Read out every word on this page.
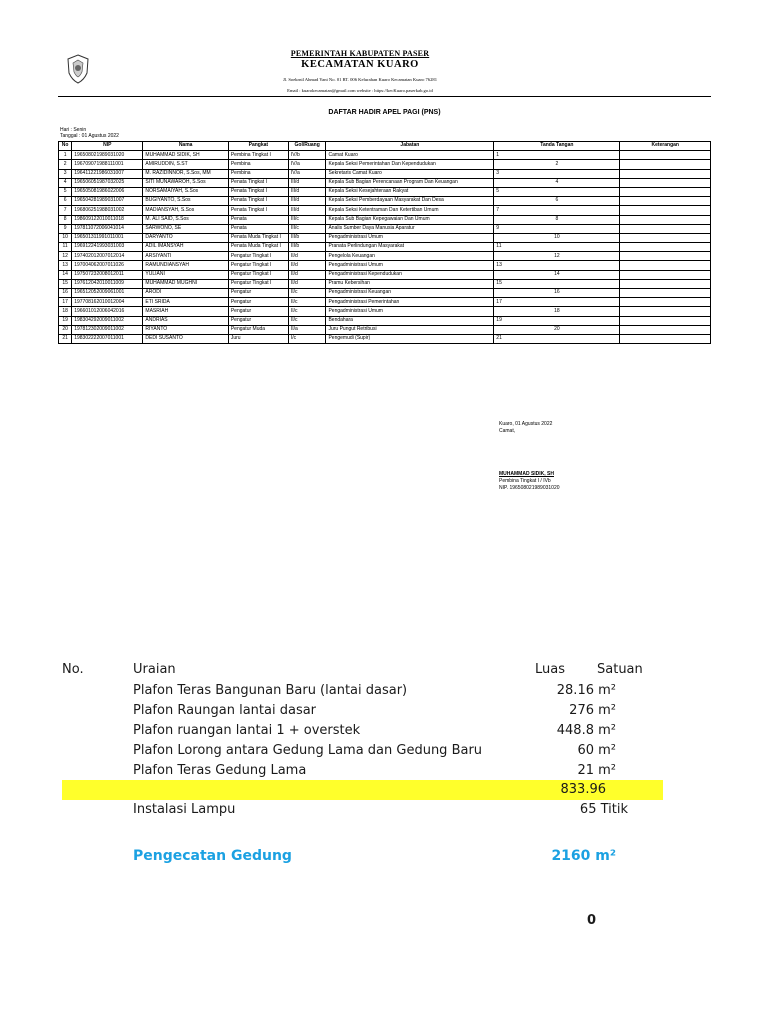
PEMERINTAH KABUPATEN PASER
KECAMATAN KUARO
Jl. Soekrnil Ahmad Yani No. 01 RT. 006 Kelurahan Kuaro Kecamatan Kuaro 76281
Email : kuarokecamatan@gmail.com website : https://kecKuaro.paserkab.go.id
DAFTAR HADIR APEL PAGI (PNS)
Hari : Senin
Tanggal : 01 Agustus 2022
No	NIP	Nama	Pangkat	Gol/Ruang	Jabatan	Tanda Tangan	Keterangan
1	196508021989031020	MUHAMMAD SIDIK, SH	Pembina Tingkat I	IV/b	Camat Kuaro	1	
2	196709071988111001	AMIRUDDIN, S.ST	Pembina	IV/a	Kepala Seksi Pemerintahan Dan Kependudukan	2	
3	196411221986031007	M. RAZIDINNOR, S.Sos, MM	Pembina	IV/a	Sekretaris Camat Kuaro	3	
4	196506051987032025	SITI MUNAWAROH, S.Sos	Penata Tingkat I	III/d	Kepala Sub Bagian Perencanaan Program Dan Keuangan	4	
5	196505081986022006	NORSAMAIYAH, S.Sos	Penata Tingkat I	III/d	Kepala Seksi Kesejahteraan Rakyat	5	
6	196504281989031007	BUGIYANTO, S.Sos	Penata Tingkat I	III/d	Kepala Seksi Pemberdayaan Masyarakat Dan Desa	6	
7	196806251988031002	MADIANSYAH, S.Sos	Penata Tingkat I	III/d	Kepala Seksi Ketentraman Dan Ketertiban Umum	7	
8	198609122010011018	M. ALI SAID, S.Sos	Penata	III/c	Kepala Sub Bagian Kepegawaian Dan Umum	8	
9	197811072006041014	SARWONO, SE	Penata	III/c	Analis Sumber Daya Manusia Aparatur	9	
10	196501311991011001	DARYANTO	Penata Muda Tingkat I	III/b	Pengadministrasi Umum	10	
11	196912241993031003	ADIL IMANSYAH	Penata Muda Tingkat I	III/b	Pranata Perlindungan Masyarakat	11	
12	197402012007012014	ARSIYANTI	Pengatur Tingkat I	II/d	Pengelola Keuangan	12	
13	197004062007011026	RAMUNDIANSYAH	Pengatur Tingkat I	II/d	Pengadministrasi Umum	13	
14	197507232008012011	YULIANI	Pengatur Tingkat I	II/d	Pengadministrasi Kependudukan	14	
15	197612042010011009	MUHAMMAD MUGHNI	Pengatur Tingkat I	II/d	Pramu Kebersihan	15	
16	196512052009061001	ARODI	Pengatur	II/c	Pengadministrasi Keuangan	16	
17	197708162010012004	ETI SRIDA	Pengatur	II/c	Pengadministrasi Pemerintahan	17	
18	196601012006042016	MASRIAH	Pengatur	II/c	Pengadministrasi Umum	18	
19	198304292009011002	ANDRIAS	Pengatur	II/c	Bendahara	19	
20	197812302009011002	RIYANTO	Pengatur Muda	II/a	Juru Pungut Retribusi	20	
21	198302222007011001	DEDI SUSANTO	Juru	I/c	Pengemudi (Supir)	21	
Kuaro, 01 Agustus 2022
Camat,
MUHAMMAD SIDIK, SH
Pembina Tingkat I / IVb
NIP. 196508021989031020
No.	Uraian	Luas Satuan
Plafon Teras Bangunan Baru (lantai dasar)	28.16 m²
Plafon Raungan lantai dasar	276 m²
Plafon ruangan lantai 1 + overstek	448.8 m²
Plafon Lorong antara Gedung Lama dan Gedung Baru	60 m²
Plafon Teras Gedung Lama	21 m²
833.96
Instalasi Lampu	65 Titik
Pengecatan Gedung	2160 m²
0
